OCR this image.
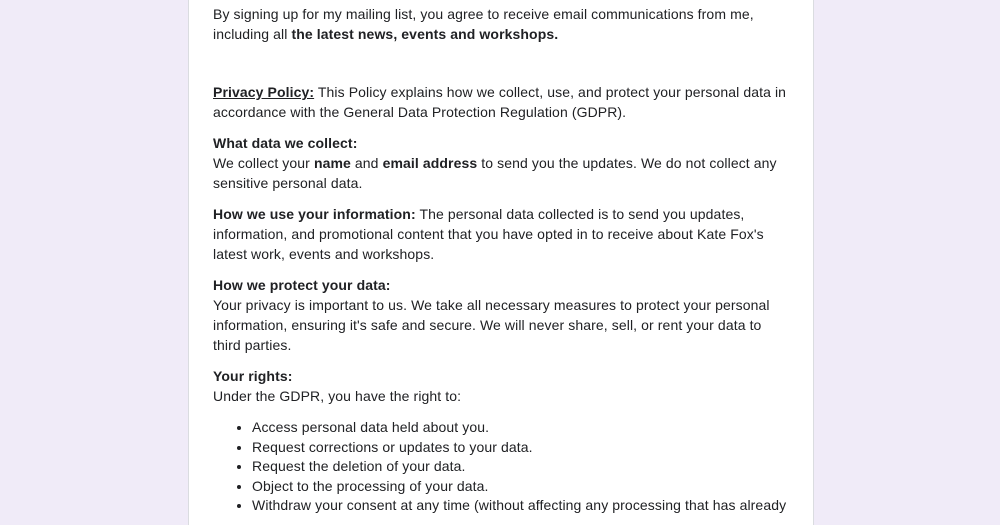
By signing up for my mailing list, you agree to receive email communications from me, including all the latest news, events and workshops.

Privacy Policy: This Policy explains how we collect, use, and protect your personal data in accordance with the General Data Protection Regulation (GDPR).

What data we collect:

We collect your name and email address to send you the updates. We do not collect any sensitive personal data.

How we use your information: The personal data collected is to send you updates, information, and promotional content that you have opted in to receive about Kate Fox's latest work, events and workshops.

How we protect your data:

Your privacy is important to us. We take all necessary measures to protect your personal information, ensuring it's safe and secure. We will never share, sell, or rent your data to third parties.

Your rights:

Under the GDPR, you have the right to:

• Access personal data held about you.
• Request corrections or updates to your data.
• Request the deletion of your data.
• Object to the processing of your data.
• Withdraw your consent at any time (without affecting any processing that has already
